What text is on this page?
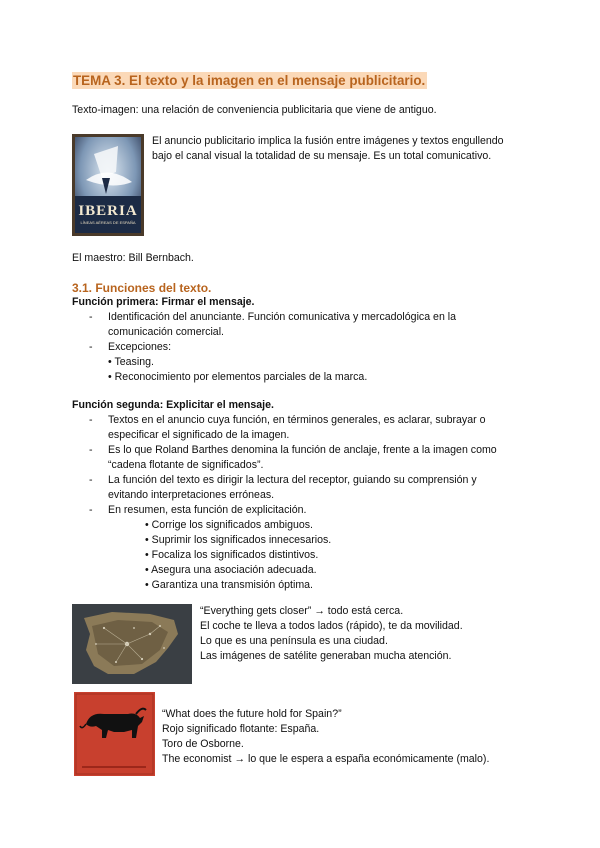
TEMA 3. El texto y la imagen en el mensaje publicitario.
Texto-imagen: una relación de conveniencia publicitaria que viene de antiguo.
IBERIA
LÍNEAS AÉREAS DE ESPAÑA
El anuncio publicitario implica la fusión entre imágenes y textos engullendo
bajo el canal visual la totalidad de su mensaje. Es un total comunicativo.
El maestro: Bill Bernbach.
3.1. Funciones del texto.
Función primera: Firmar el mensaje.
- Identificación del anunciante. Función comunicativa y mercadológica en la
comunicación comercial.
- Excepciones:
• Teasing.
• Reconocimiento por elementos parciales de la marca.
Función segunda: Explicitar el mensaje.
- Textos en el anuncio cuya función, en términos generales, es aclarar, subrayar o
especificar el significado de la imagen.
- Es lo que Roland Barthes denomina la función de anclaje, frente a la imagen como
“cadena flotante de significados”.
- La función del texto es dirigir la lectura del receptor, guiando su comprensión y
evitando interpretaciones erróneas.
- En resumen, esta función de explicitación.
• Corrige los significados ambiguos.
• Suprimir los significados innecesarios.
• Focaliza los significados distintivos.
• Asegura una asociación adecuada.
• Garantiza una transmisión óptima.
“Everything gets closer” → todo está cerca.
El coche te lleva a todos lados (rápido), te da movilidad.
Lo que es una península es una ciudad.
Las imágenes de satélite generaban mucha atención.
“What does the future hold for Spain?”
Rojo significado flotante: España.
Toro de Osborne.
The economist → lo que le espera a españa económicamente (malo).
